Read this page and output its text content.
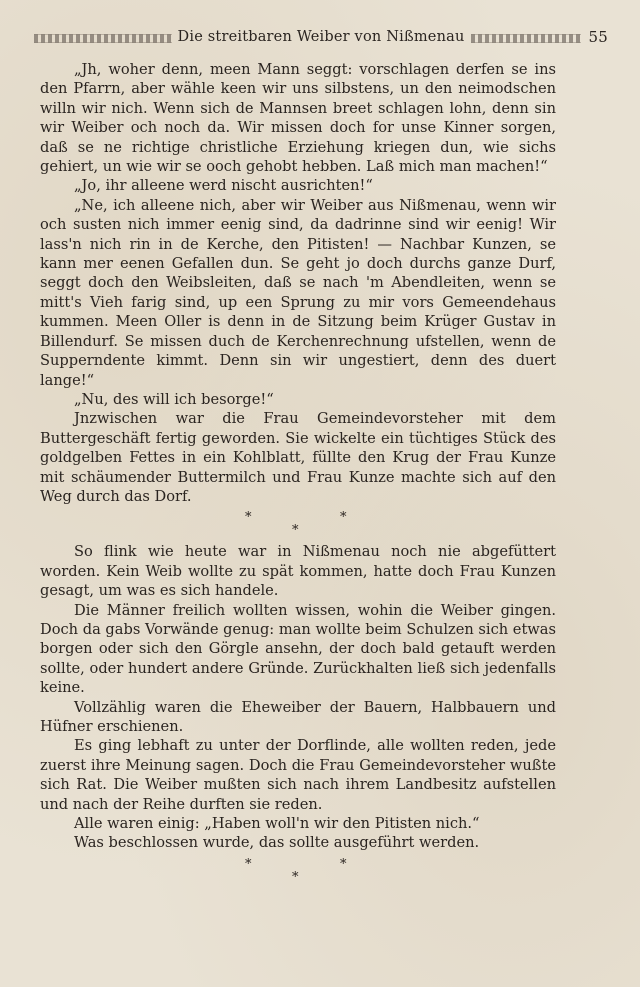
Die streitbaren Weiber von Nißmenau	55

„Jh, woher denn, meen Mann seggt: vorschlagen derfen se ins den Pfarrn, aber wähle keen wir uns silbstens, un den neimodschen willn wir nich. Wenn sich de Mannsen breet schlagen lohn, denn sin wir Weiber och noch da. Wir missen doch for unse Kinner sorgen, daß se ne richtige christliche Erziehung kriegen dun, wie sichs gehiert, un wie wir se ooch gehobt hebben. Laß mich man machen!“

„Jo, ihr alleene werd nischt ausrichten!“

„Ne, ich alleene nich, aber wir Weiber aus Nißmenau, wenn wir och susten nich immer eenig sind, da dadrinne sind wir eenig! Wir lass'n nich rin in de Kerche, den Pitisten! — Nachbar Kunzen, se kann mer eenen Gefallen dun. Se geht jo doch durchs ganze Durf, seggt doch den Weibsleiten, daß se nach 'm Abendleiten, wenn se mitt's Vieh farig sind, up een Sprung zu mir vors Gemeendehaus kummen. Meen Oller is denn in de Sitzung beim Krüger Gustav in Billendurf. Se missen duch de Kerchenrechnung ufstellen, wenn de Supperndente kimmt. Denn sin wir ungestiert, denn des duert lange!“

„Nu, des will ich besorge!“

Jnzwischen war die Frau Gemeindevorsteher mit dem Buttergeschäft fertig geworden. Sie wickelte ein tüchtiges Stück des goldgelben Fettes in ein Kohlblatt, füllte den Krug der Frau Kunze mit schäumender Buttermilch und Frau Kunze machte sich auf den Weg durch das Dorf.

*	*
*

So flink wie heute war in Nißmenau noch nie abgefüttert worden. Kein Weib wollte zu spät kommen, hatte doch Frau Kunzen gesagt, um was es sich handele.

Die Männer freilich wollten wissen, wohin die Weiber gingen. Doch da gabs Vorwände genug: man wollte beim Schulzen sich etwas borgen oder sich den Görgle ansehn, der doch bald getauft werden sollte, oder hundert andere Gründe. Zurückhalten ließ sich jedenfalls keine.

Vollzählig waren die Eheweiber der Bauern, Halbbauern und Hüfner erschienen.

Es ging lebhaft zu unter der Dorflinde, alle wollten reden, jede zuerst ihre Meinung sagen. Doch die Frau Gemeindevorsteher wußte sich Rat. Die Weiber mußten sich nach ihrem Landbesitz aufstellen und nach der Reihe durften sie reden.

Alle waren einig: „Haben woll'n wir den Pitisten nich.“

Was beschlossen wurde, das sollte ausgeführt werden.

*	*
*
